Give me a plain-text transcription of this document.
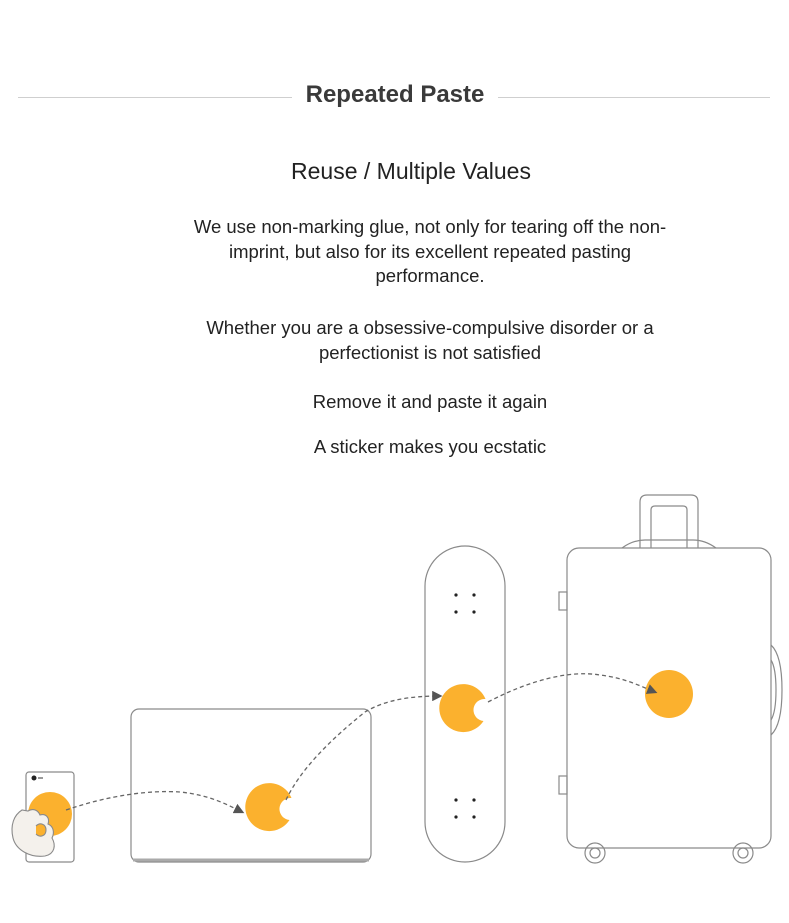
Repeated Paste
Reuse / Multiple Values

We use non-marking glue, not only for tearing off the non-imprint, but also for its excellent repeated pasting performance.

Whether you are a obsessive-compulsive disorder or a perfectionist is not satisfied

Remove it and paste it again

A sticker makes you ecstatic
